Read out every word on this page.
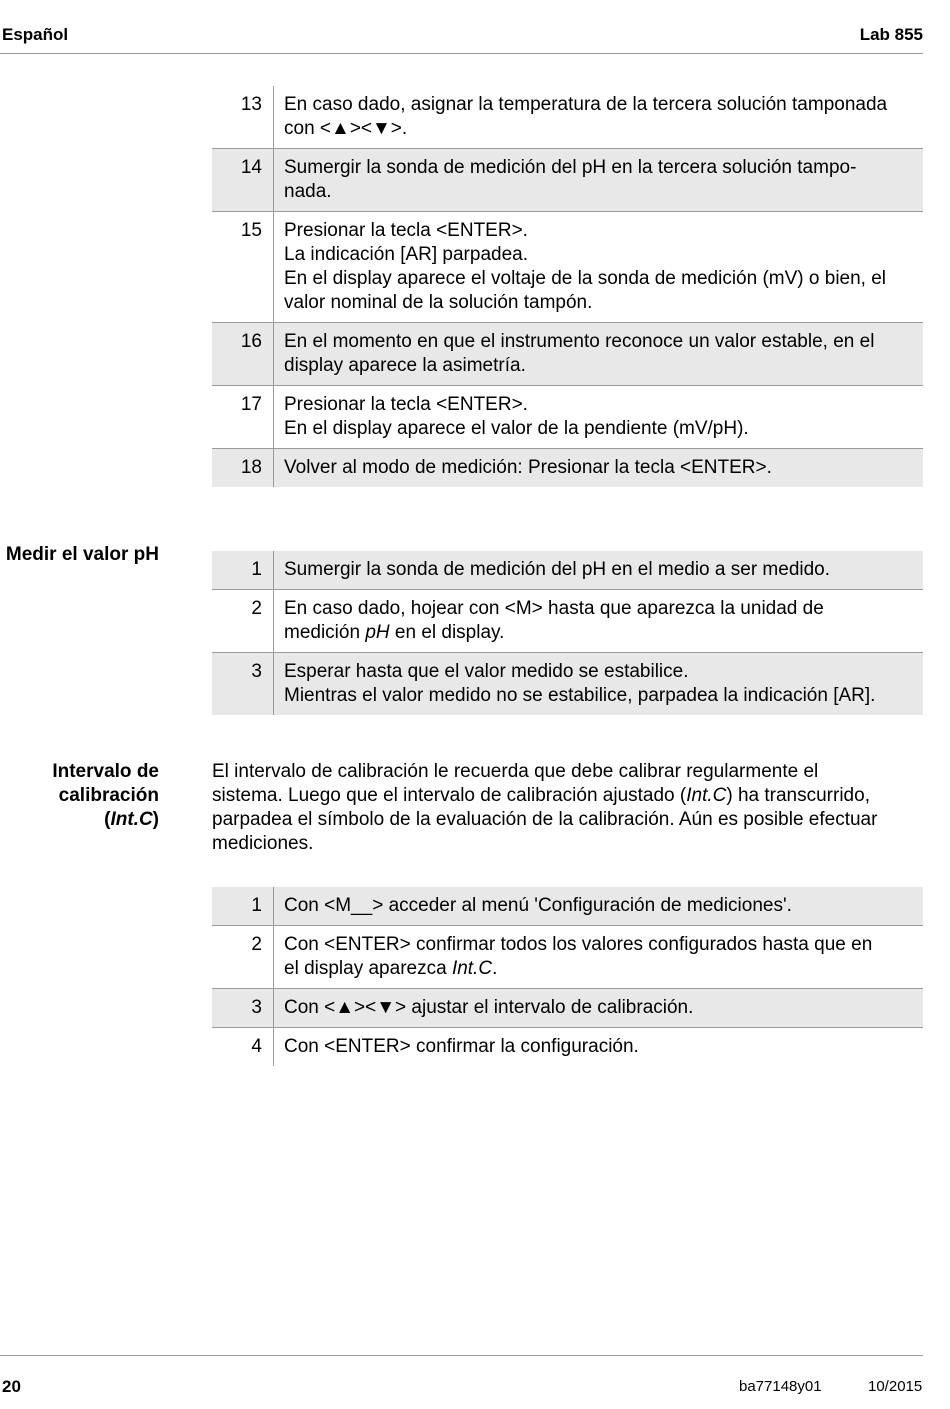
Español	Lab 855
13	En caso dado, asignar la temperatura de la tercera solución tamponada
con <▲><▼>.

14	Sumergir la sonda de medición del pH en la tercera solución tampo-
nada.

15	Presionar la tecla <ENTER>.
La indicación [AR] parpadea.
En el display aparece el voltaje de la sonda de medición (mV) o bien, el
valor nominal de la solución tampón.

16	En el momento en que el instrumento reconoce un valor estable, en el
display aparece la asimetría.

17	Presionar la tecla <ENTER>.
En el display aparece el valor de la pendiente (mV/pH).

18	Volver al modo de medición: Presionar la tecla <ENTER>.
Medir el valor pH
1	Sumergir la sonda de medición del pH en el medio a ser medido.

2	En caso dado, hojear con <M> hasta que aparezca la unidad de
medición pH en el display.

3	Esperar hasta que el valor medido se estabilice.
Mientras el valor medido no se estabilice, parpadea la indicación [AR].
Intervalo de
calibración
(Int.C)
El intervalo de calibración le recuerda que debe calibrar regularmente el
sistema. Luego que el intervalo de calibración ajustado (Int.C) ha transcurrido,
parpadea el símbolo de la evaluación de la calibración. Aún es posible efectuar
mediciones.
1	Con <M__> acceder al menú 'Configuración de mediciones'.
2	Con <ENTER> confirmar todos los valores configurados hasta que en
el display aparezca Int.C.

3	Con <▲><▼> ajustar el intervalo de calibración.
4	Con <ENTER> confirmar la configuración.
20	ba77148y01	10/2015
